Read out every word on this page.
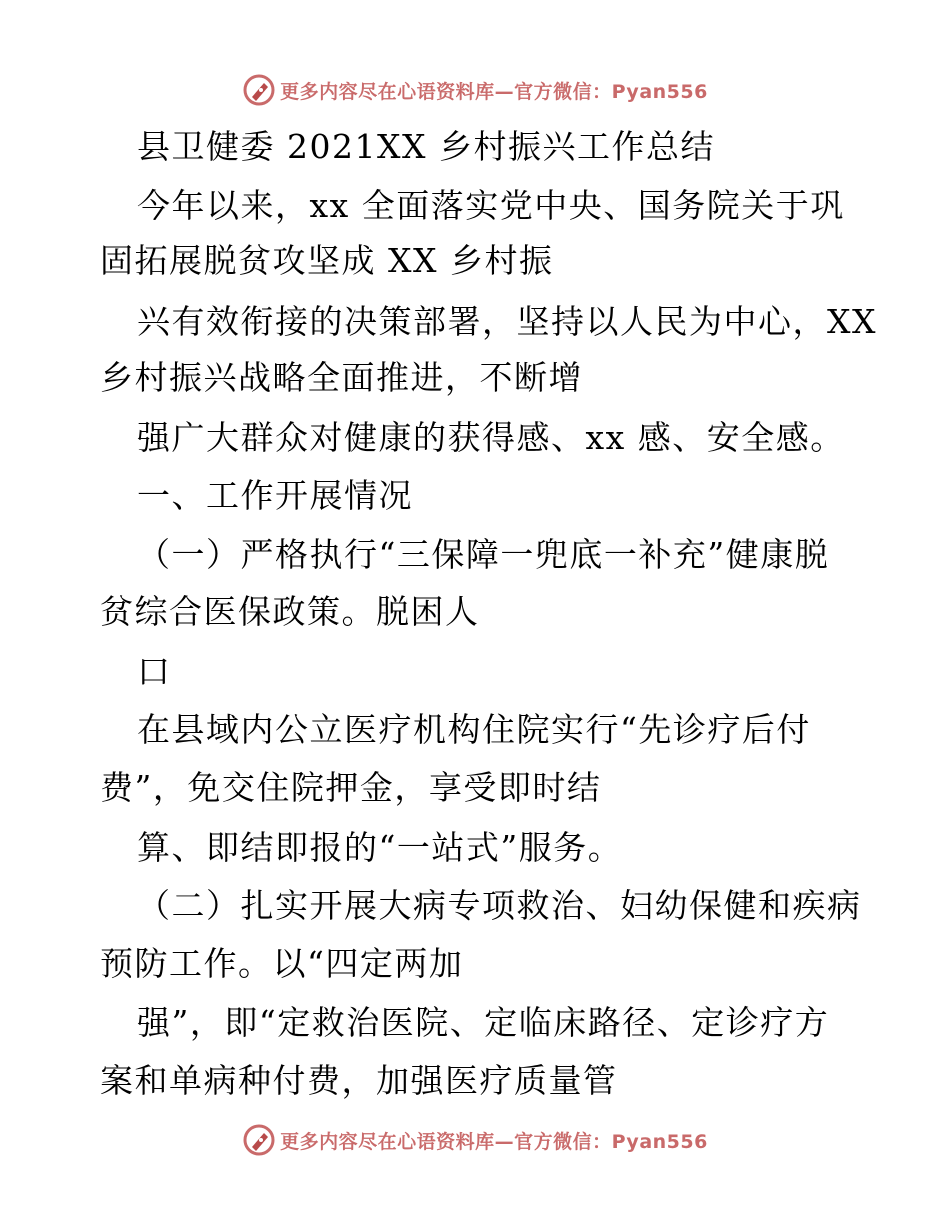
更多内容尽在心语资料库—官方微信：Pyan556
县卫健委 2021XX 乡村振兴工作总结
今年以来，xx 全面落实党中央、国务院关于巩
固拓展脱贫攻坚成 XX 乡村振
兴有效衔接的决策部署，坚持以人民为中心，XX
乡村振兴战略全面推进，不断增
强广大群众对健康的获得感、xx 感、安全感。
一、工作开展情况
（一）严格执行“三保障一兜底一补充”健康脱
贫综合医保政策。脱困人
口
在县域内公立医疗机构住院实行“先诊疗后付
费”，免交住院押金，享受即时结
算、即结即报的“一站式”服务。
（二）扎实开展大病专项救治、妇幼保健和疾病
预防工作。以“四定两加
强”，即“定救治医院、定临床路径、定诊疗方
案和单病种付费，加强医疗质量管
更多内容尽在心语资料库—官方微信：Pyan556
